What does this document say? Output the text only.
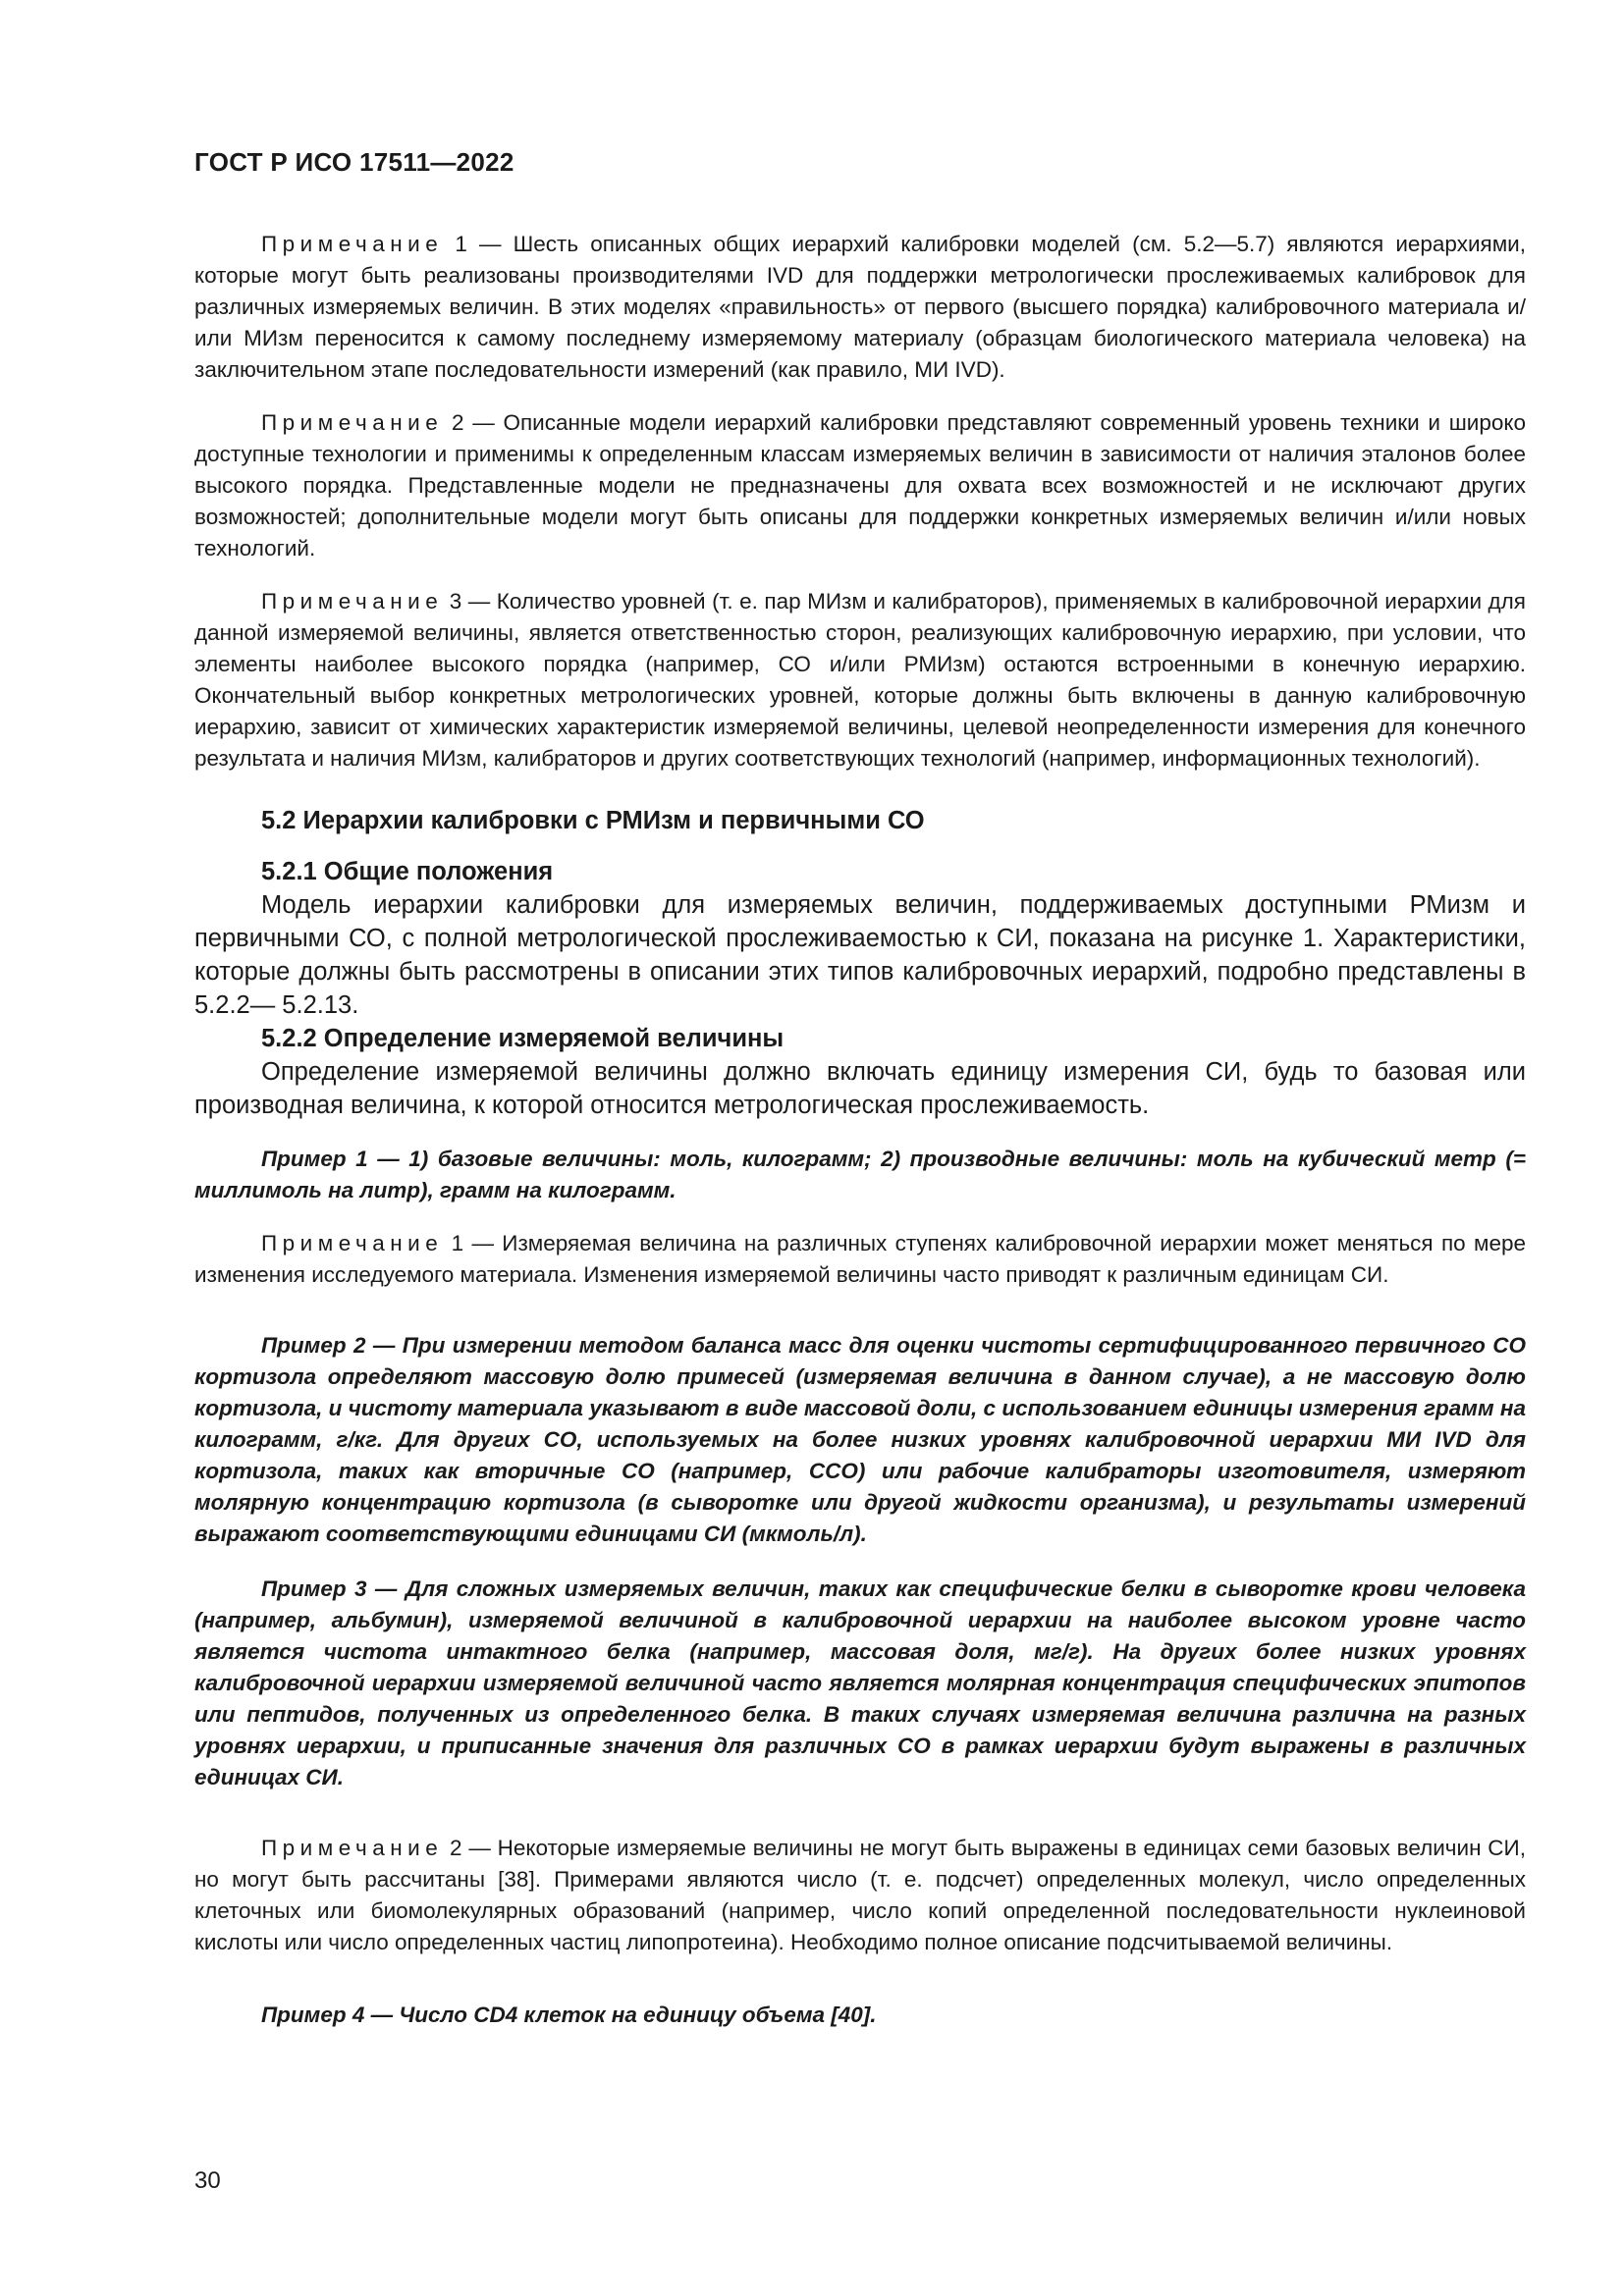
ГОСТ Р ИСО 17511—2022

Примечание 1 — Шесть описанных общих иерархий калибровки моделей (см. 5.2—5.7) являются иерархиями, которые могут быть реализованы производителями IVD для поддержки метрологически прослеживаемых калибровок для различных измеряемых величин. В этих моделях «правильность» от первого (высшего порядка) калибровочного материала и/или МИзм переносится к самому последнему измеряемому материалу (образцам биологического материала человека) на заключительном этапе последовательности измерений (как правило, МИ IVD).

Примечание 2 — Описанные модели иерархий калибровки представляют современный уровень техники и широко доступные технологии и применимы к определенным классам измеряемых величин в зависимости от наличия эталонов более высокого порядка. Представленные модели не предназначены для охвата всех возможностей и не исключают других возможностей; дополнительные модели могут быть описаны для поддержки конкретных измеряемых величин и/или новых технологий.

Примечание 3 — Количество уровней (т. е. пар МИзм и калибраторов), применяемых в калибровочной иерархии для данной измеряемой величины, является ответственностью сторон, реализующих калибровочную иерархию, при условии, что элементы наиболее высокого порядка (например, СО и/или РМИзм) остаются встроенными в конечную иерархию. Окончательный выбор конкретных метрологических уровней, которые должны быть включены в данную калибровочную иерархию, зависит от химических характеристик измеряемой величины, целевой неопределенности измерения для конечного результата и наличия МИзм, калибраторов и других соответствующих технологий (например, информационных технологий).

5.2 Иерархии калибровки с РМИзм и первичными СО
5.2.1 Общие положения

Модель иерархии калибровки для измеряемых величин, поддерживаемых доступными РМизм и первичными СО, с полной метрологической прослеживаемостью к СИ, показана на рисунке 1. Характеристики, которые должны быть рассмотрены в описании этих типов калибровочных иерархий, подробно представлены в 5.2.2— 5.2.13.

5.2.2 Определение измеряемой величины

Определение измеряемой величины должно включать единицу измерения СИ, будь то базовая или производная величина, к которой относится метрологическая прослеживаемость.

Пример 1 — 1) базовые величины: моль, килограмм; 2) производные величины: моль на кубический метр (= миллимоль на литр), грамм на килограмм.

Примечание 1 — Измеряемая величина на различных ступенях калибровочной иерархии может меняться по мере изменения исследуемого материала. Изменения измеряемой величины часто приводят к различным единицам СИ.

Пример 2 — При измерении методом баланса масс для оценки чистоты сертифицированного первичного СО кортизола определяют массовую долю примесей (измеряемая величина в данном случае), а не массовую долю кортизола, и чистоту материала указывают в виде массовой доли, с использованием единицы измерения грамм на килограмм, г/кг. Для других СО, используемых на более низких уровнях калибровочной иерархии МИ IVD для кортизола, таких как вторичные СО (например, ССО) или рабочие калибраторы изготовителя, измеряют молярную концентрацию кортизола (в сыворотке или другой жидкости организма), и результаты измерений выражают соответствующими единицами СИ (мкмоль/л).

Пример 3 — Для сложных измеряемых величин, таких как специфические белки в сыворотке крови человека (например, альбумин), измеряемой величиной в калибровочной иерархии на наиболее высоком уровне часто является чистота интактного белка (например, массовая доля, мг/г). На других более низких уровнях калибровочной иерархии измеряемой величиной часто является молярная концентрация специфических эпитопов или пептидов, полученных из определенного белка. В таких случаях измеряемая величина различна на разных уровнях иерархии, и приписанные значения для различных СО в рамках иерархии будут выражены в различных единицах СИ.

Примечание 2 — Некоторые измеряемые величины не могут быть выражены в единицах семи базовых величин СИ, но могут быть рассчитаны [38]. Примерами являются число (т. е. подсчет) определенных молекул, число определенных клеточных или биомолекулярных образований (например, число копий определенной последовательности нуклеиновой кислоты или число определенных частиц липопротеина). Необходимо полное описание подсчитываемой величины.

Пример 4 — Число CD4 клеток на единицу объема [40].

30
